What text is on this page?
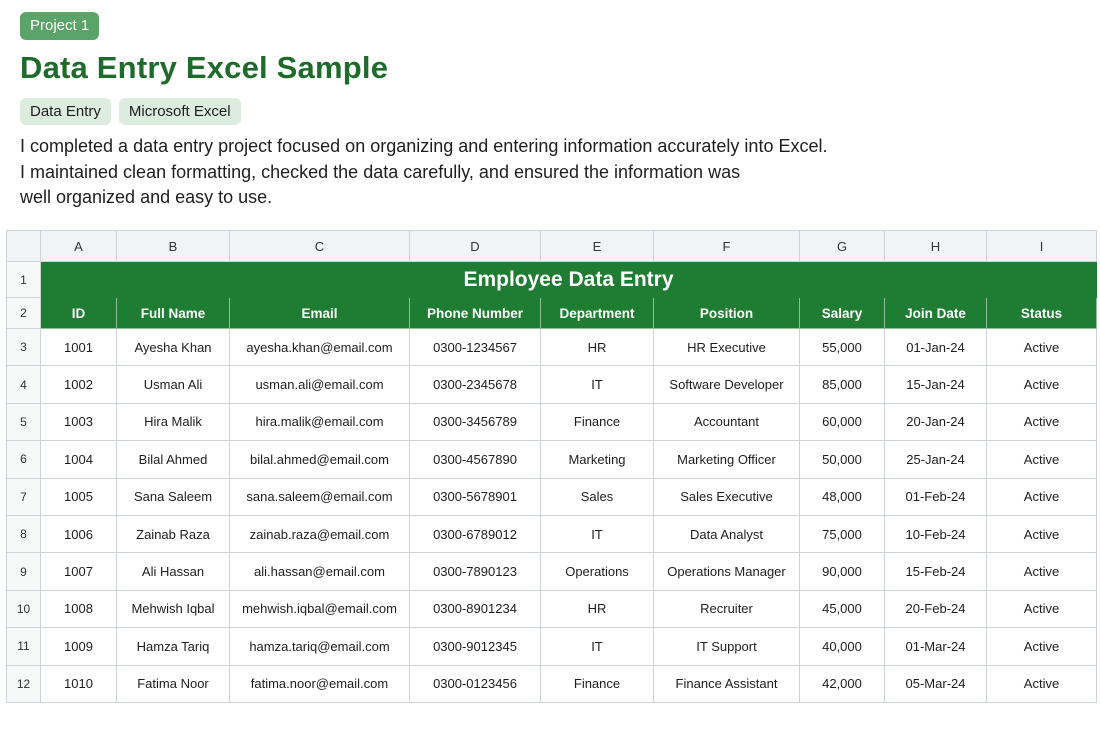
Project 1
Data Entry Excel Sample
Data Entry	Microsoft Excel
I completed a data entry project focused on organizing and entering information accurately into Excel.
I maintained clean formatting, checked the data carefully, and ensured the information was
well organized and easy to use.
	A	B	C	D	E	F	G	H	I
1	Employee Data Entry								
2	ID	Full Name	Email	Phone Number	Department	Position	Salary	Join Date	Status
3	1001	Ayesha Khan	ayesha.khan@email.com	0300-1234567	HR	HR Executive	55,000	01-Jan-24	Active
4	1002	Usman Ali	usman.ali@email.com	0300-2345678	IT	Software Developer	85,000	15-Jan-24	Active
5	1003	Hira Malik	hira.malik@email.com	0300-3456789	Finance	Accountant	60,000	20-Jan-24	Active
6	1004	Bilal Ahmed	bilal.ahmed@email.com	0300-4567890	Marketing	Marketing Officer	50,000	25-Jan-24	Active
7	1005	Sana Saleem	sana.saleem@email.com	0300-5678901	Sales	Sales Executive	48,000	01-Feb-24	Active
8	1006	Zainab Raza	zainab.raza@email.com	0300-6789012	IT	Data Analyst	75,000	10-Feb-24	Active
9	1007	Ali Hassan	ali.hassan@email.com	0300-7890123	Operations	Operations Manager	90,000	15-Feb-24	Active
10	1008	Mehwish Iqbal	mehwish.iqbal@email.com	0300-8901234	HR	Recruiter	45,000	20-Feb-24	Active
11	1009	Hamza Tariq	hamza.tariq@email.com	0300-9012345	IT	IT Support	40,000	01-Mar-24	Active
12	1010	Fatima Noor	fatima.noor@email.com	0300-0123456	Finance	Finance Assistant	42,000	05-Mar-24	Active
